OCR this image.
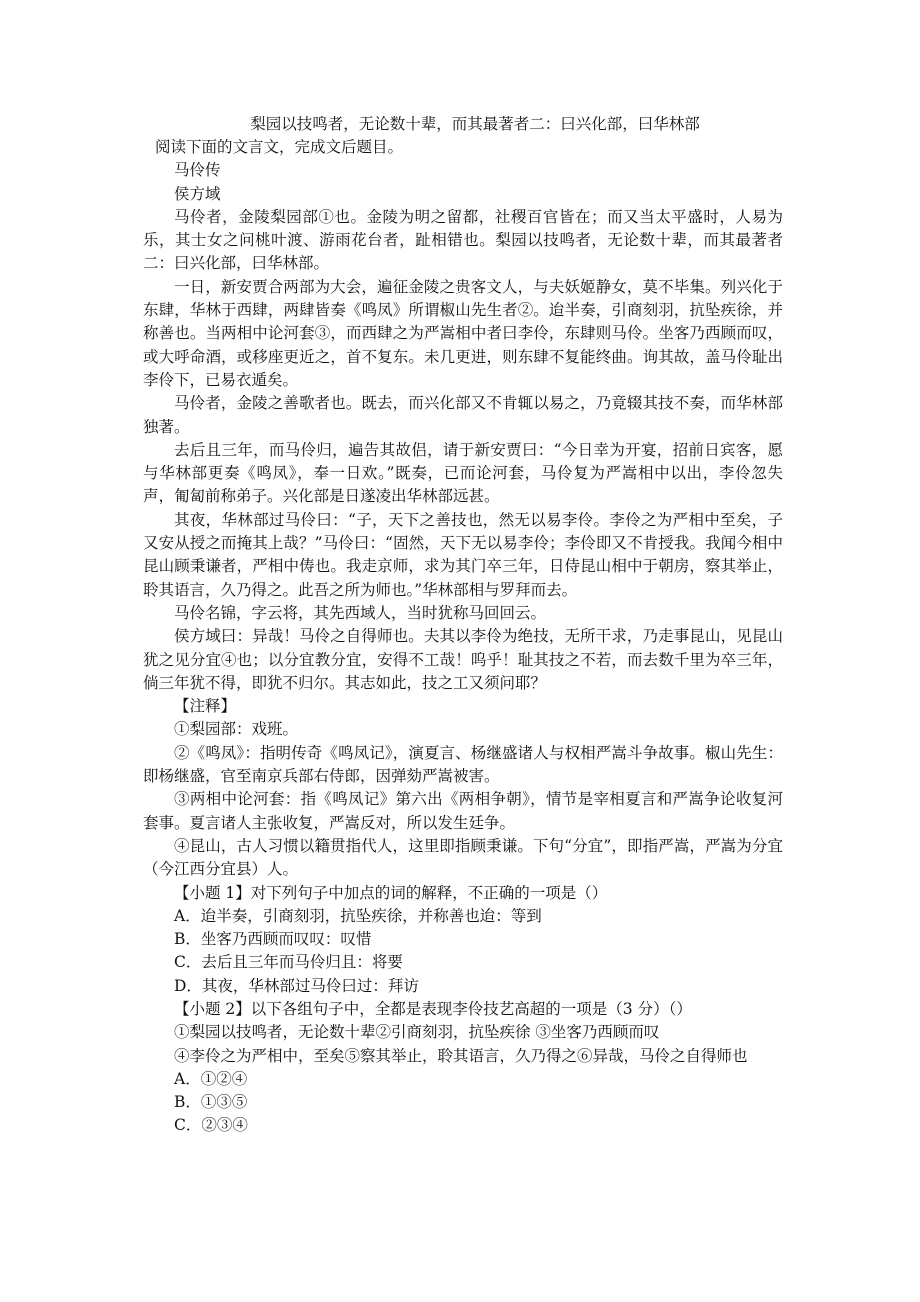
梨园以技鸣者，无论数十辈，而其最著者二：曰兴化部，曰华林部

阅读下面的文言文，完成文后题目。

马伶传

侯方域

马伶者，金陵梨园部①也。金陵为明之留都，社稷百官皆在；而又当太平盛时，人易为乐，其士女之问桃叶渡、游雨花台者，趾相错也。梨园以技鸣者，无论数十辈，而其最著者二：曰兴化部，曰华林部。

一日，新安贾合两部为大会，遍征金陵之贵客文人，与夫妖姬静女，莫不毕集。列兴化于东肆，华林于西肆，两肆皆奏《鸣凤》所谓椒山先生者②。迨半奏，引商刻羽，抗坠疾徐，并称善也。当两相中论河套③，而西肆之为严嵩相中者曰李伶，东肆则马伶。坐客乃西顾而叹，或大呼命酒，或移座更近之，首不复东。未几更进，则东肆不复能终曲。询其故，盖马伶耻出李伶下，已易衣遁矣。

马伶者，金陵之善歌者也。既去，而兴化部又不肯辄以易之，乃竟辍其技不奏，而华林部独著。

去后且三年，而马伶归，遍告其故侣，请于新安贾曰：“今日幸为开宴，招前日宾客，愿与华林部更奏《鸣凤》，奉一日欢。”既奏，已而论河套，马伶复为严嵩相中以出，李伶忽失声，匍匐前称弟子。兴化部是日遂凌出华林部远甚。

其夜，华林部过马伶曰：“子，天下之善技也，然无以易李伶。李伶之为严相中至矣，子又安从授之而掩其上哉？”马伶曰：“固然，天下无以易李伶；李伶即又不肯授我。我闻今相中昆山顾秉谦者，严相中俦也。我走京师，求为其门卒三年，日侍昆山相中于朝房，察其举止，聆其语言，久乃得之。此吾之所为师也。”华林部相与罗拜而去。

马伶名锦，字云将，其先西域人，当时犹称马回回云。

侯方域曰：异哉！马伶之自得师也。夫其以李伶为绝技，无所干求，乃走事昆山，见昆山犹之见分宜④也；以分宜教分宜，安得不工哉！呜乎！耻其技之不若，而去数千里为卒三年，倘三年犹不得，即犹不归尔。其志如此，技之工又须问耶？

【注释】

①梨园部：戏班。

②《鸣凤》：指明传奇《鸣凤记》，演夏言、杨继盛诸人与权相严嵩斗争故事。椒山先生：即杨继盛，官至南京兵部右侍郎，因弹劾严嵩被害。

③两相中论河套：指《鸣凤记》第六出《两相争朝》，情节是宰相夏言和严嵩争论收复河套事。夏言诸人主张收复，严嵩反对，所以发生廷争。

④昆山，古人习惯以籍贯指代人，这里即指顾秉谦。下句“分宜”，即指严嵩，严嵩为分宜（今江西分宜县）人。

【小题 1】对下列句子中加点的词的解释，不正确的一项是（）

A．迨半奏，引商刻羽，抗坠疾徐，并称善也迨：等到

B．坐客乃西顾而叹叹：叹惜

C．去后且三年而马伶归且：将要

D．其夜，华林部过马伶曰过：拜访

【小题 2】以下各组句子中，全都是表现李伶技艺高超的一项是（3 分）（）

①梨园以技鸣者，无论数十辈②引商刻羽，抗坠疾徐 ③坐客乃西顾而叹

④李伶之为严相中，至矣⑤察其举止，聆其语言，久乃得之⑥异哉，马伶之自得师也

A．①②④

B．①③⑤

C．②③④
